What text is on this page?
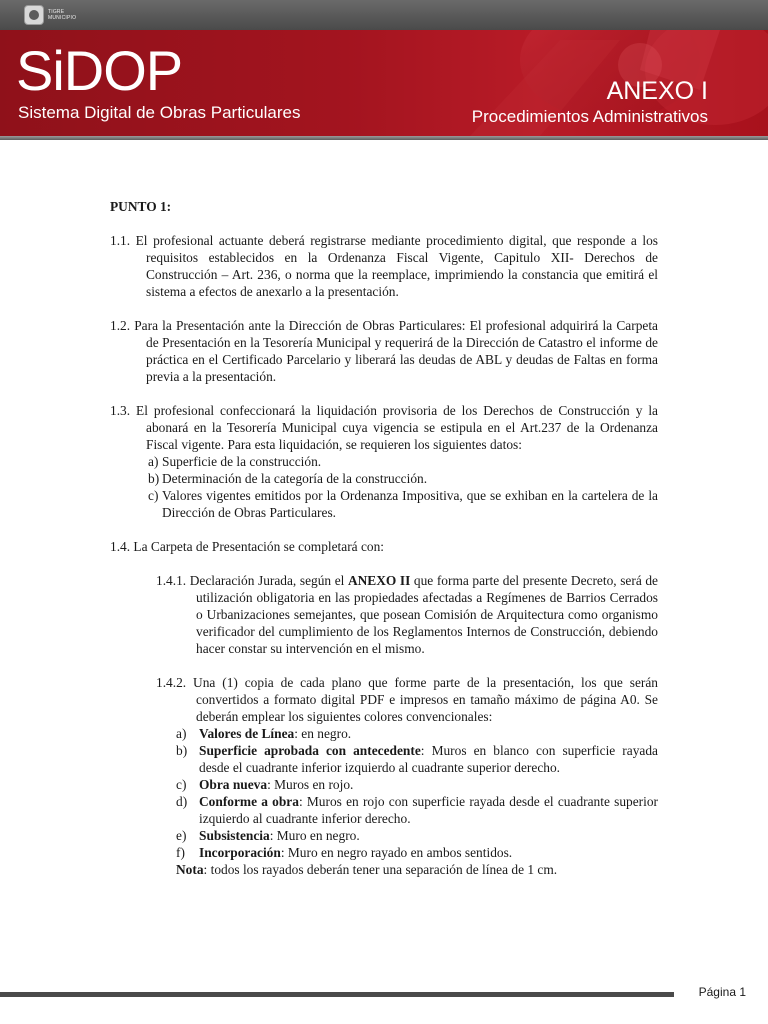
TIGRE
MUNICIPIO
SiDOP
Sistema Digital de Obras Particulares
ANEXO I
Procedimientos Administrativos
PUNTO 1:
1.1. El profesional actuante deberá registrarse mediante procedimiento digital, que responde a los requisitos establecidos en la Ordenanza Fiscal Vigente, Capitulo XII- Derechos de Construcción – Art. 236, o norma que la reemplace, imprimiendo la constancia que emitirá el sistema a efectos de anexarlo a la presentación.
1.2. Para la Presentación ante la Dirección de Obras Particulares: El profesional adquirirá la Carpeta de Presentación en la Tesorería Municipal y requerirá de la Dirección de Catastro el informe de práctica en el Certificado Parcelario y liberará las deudas de ABL y deudas de Faltas en forma previa a la presentación.
1.3. El profesional confeccionará la liquidación provisoria de los Derechos de Construcción y la abonará en la Tesorería Municipal cuya vigencia se estipula en el Art.237 de la Ordenanza Fiscal vigente. Para esta liquidación, se requieren los siguientes datos:
a) Superficie de la construcción.
b) Determinación de la categoría de la construcción.
c) Valores vigentes emitidos por la Ordenanza Impositiva, que se exhiban en la cartelera de la Dirección de Obras Particulares.
1.4. La Carpeta de Presentación se completará con:
1.4.1. Declaración Jurada, según el ANEXO II que forma parte del presente Decreto, será de utilización obligatoria en las propiedades afectadas a Regímenes de Barrios Cerrados o Urbanizaciones semejantes, que posean Comisión de Arquitectura como organismo verificador del cumplimiento de los Reglamentos Internos de Construcción, debiendo hacer constar su intervención en el mismo.
1.4.2. Una (1) copia de cada plano que forme parte de la presentación, los que serán convertidos a formato digital PDF e impresos en tamaño máximo de página A0. Se deberán emplear los siguientes colores convencionales:
a) Valores de Línea: en negro.
b) Superficie aprobada con antecedente: Muros en blanco con superficie rayada desde el cuadrante inferior izquierdo al cuadrante superior derecho.
c) Obra nueva: Muros en rojo.
d) Conforme a obra: Muros en rojo con superficie rayada desde el cuadrante superior izquierdo al cuadrante inferior derecho.
e) Subsistencia: Muro en negro.
f)	Incorporación: Muro en negro rayado en ambos sentidos.
Nota: todos los rayados deberán tener una separación de línea de 1 cm.
Página 1
